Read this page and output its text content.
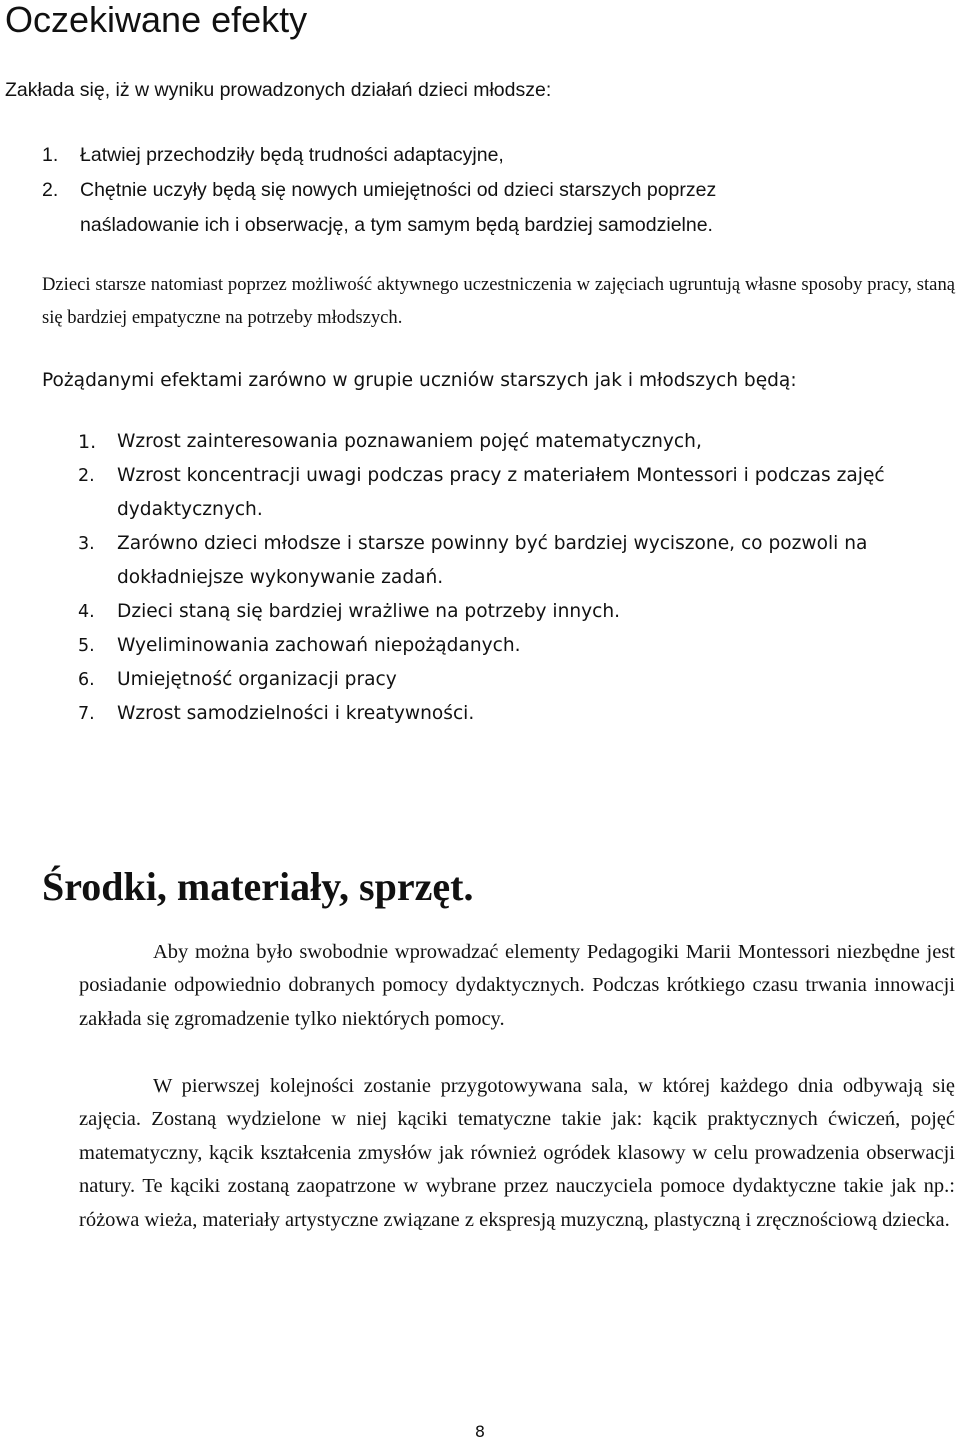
Oczekiwane efekty

Zakłada się, iż w wyniku prowadzonych działań dzieci młodsze:

1. Łatwiej przechodziły będą trudności adaptacyjne,
2. Chętnie uczyły będą się nowych umiejętności od dzieci starszych poprzez
naśladowanie ich i obserwację, a tym samym będą bardziej samodzielne.

Dzieci starsze natomiast poprzez możliwość aktywnego uczestniczenia w zajęciach ugruntują własne sposoby pracy, staną się bardziej empatyczne na potrzeby młodszych.

Pożądanymi efektami zarówno w grupie uczniów starszych jak i młodszych będą:

1. Wzrost zainteresowania poznawaniem pojęć matematycznych,
2. Wzrost koncentracji uwagi podczas pracy z materiałem Montessori i podczas zajęć
dydaktycznych.
3. Zarówno dzieci młodsze i starsze powinny być bardziej wyciszone, co pozwoli na
dokładniejsze wykonywanie zadań.
4. Dzieci staną się bardziej wrażliwe na potrzeby innych.
5. Wyeliminowania zachowań niepożądanych.
6. Umiejętność organizacji pracy
7. Wzrost samodzielności i kreatywności.
Środki, materiały, sprzęt.

Aby można było swobodnie wprowadzać elementy Pedagogiki Marii Montessori niezbędne jest posiadanie odpowiednio dobranych pomocy dydaktycznych. Podczas krótkiego czasu trwania innowacji zakłada się zgromadzenie tylko niektórych pomocy.

W pierwszej kolejności zostanie przygotowywana sala, w której każdego dnia odbywają się zajęcia. Zostaną wydzielone w niej kąciki tematyczne takie jak: kącik praktycznych ćwiczeń, pojęć matematyczny, kącik kształcenia zmysłów jak również ogródek klasowy w celu prowadzenia obserwacji natury. Te kąciki zostaną zaopatrzone w wybrane przez nauczyciela pomoce dydaktyczne takie jak np.: różowa wieża, materiały artystyczne związane z ekspresją muzyczną, plastyczną i zręcznościową dziecka.

8
